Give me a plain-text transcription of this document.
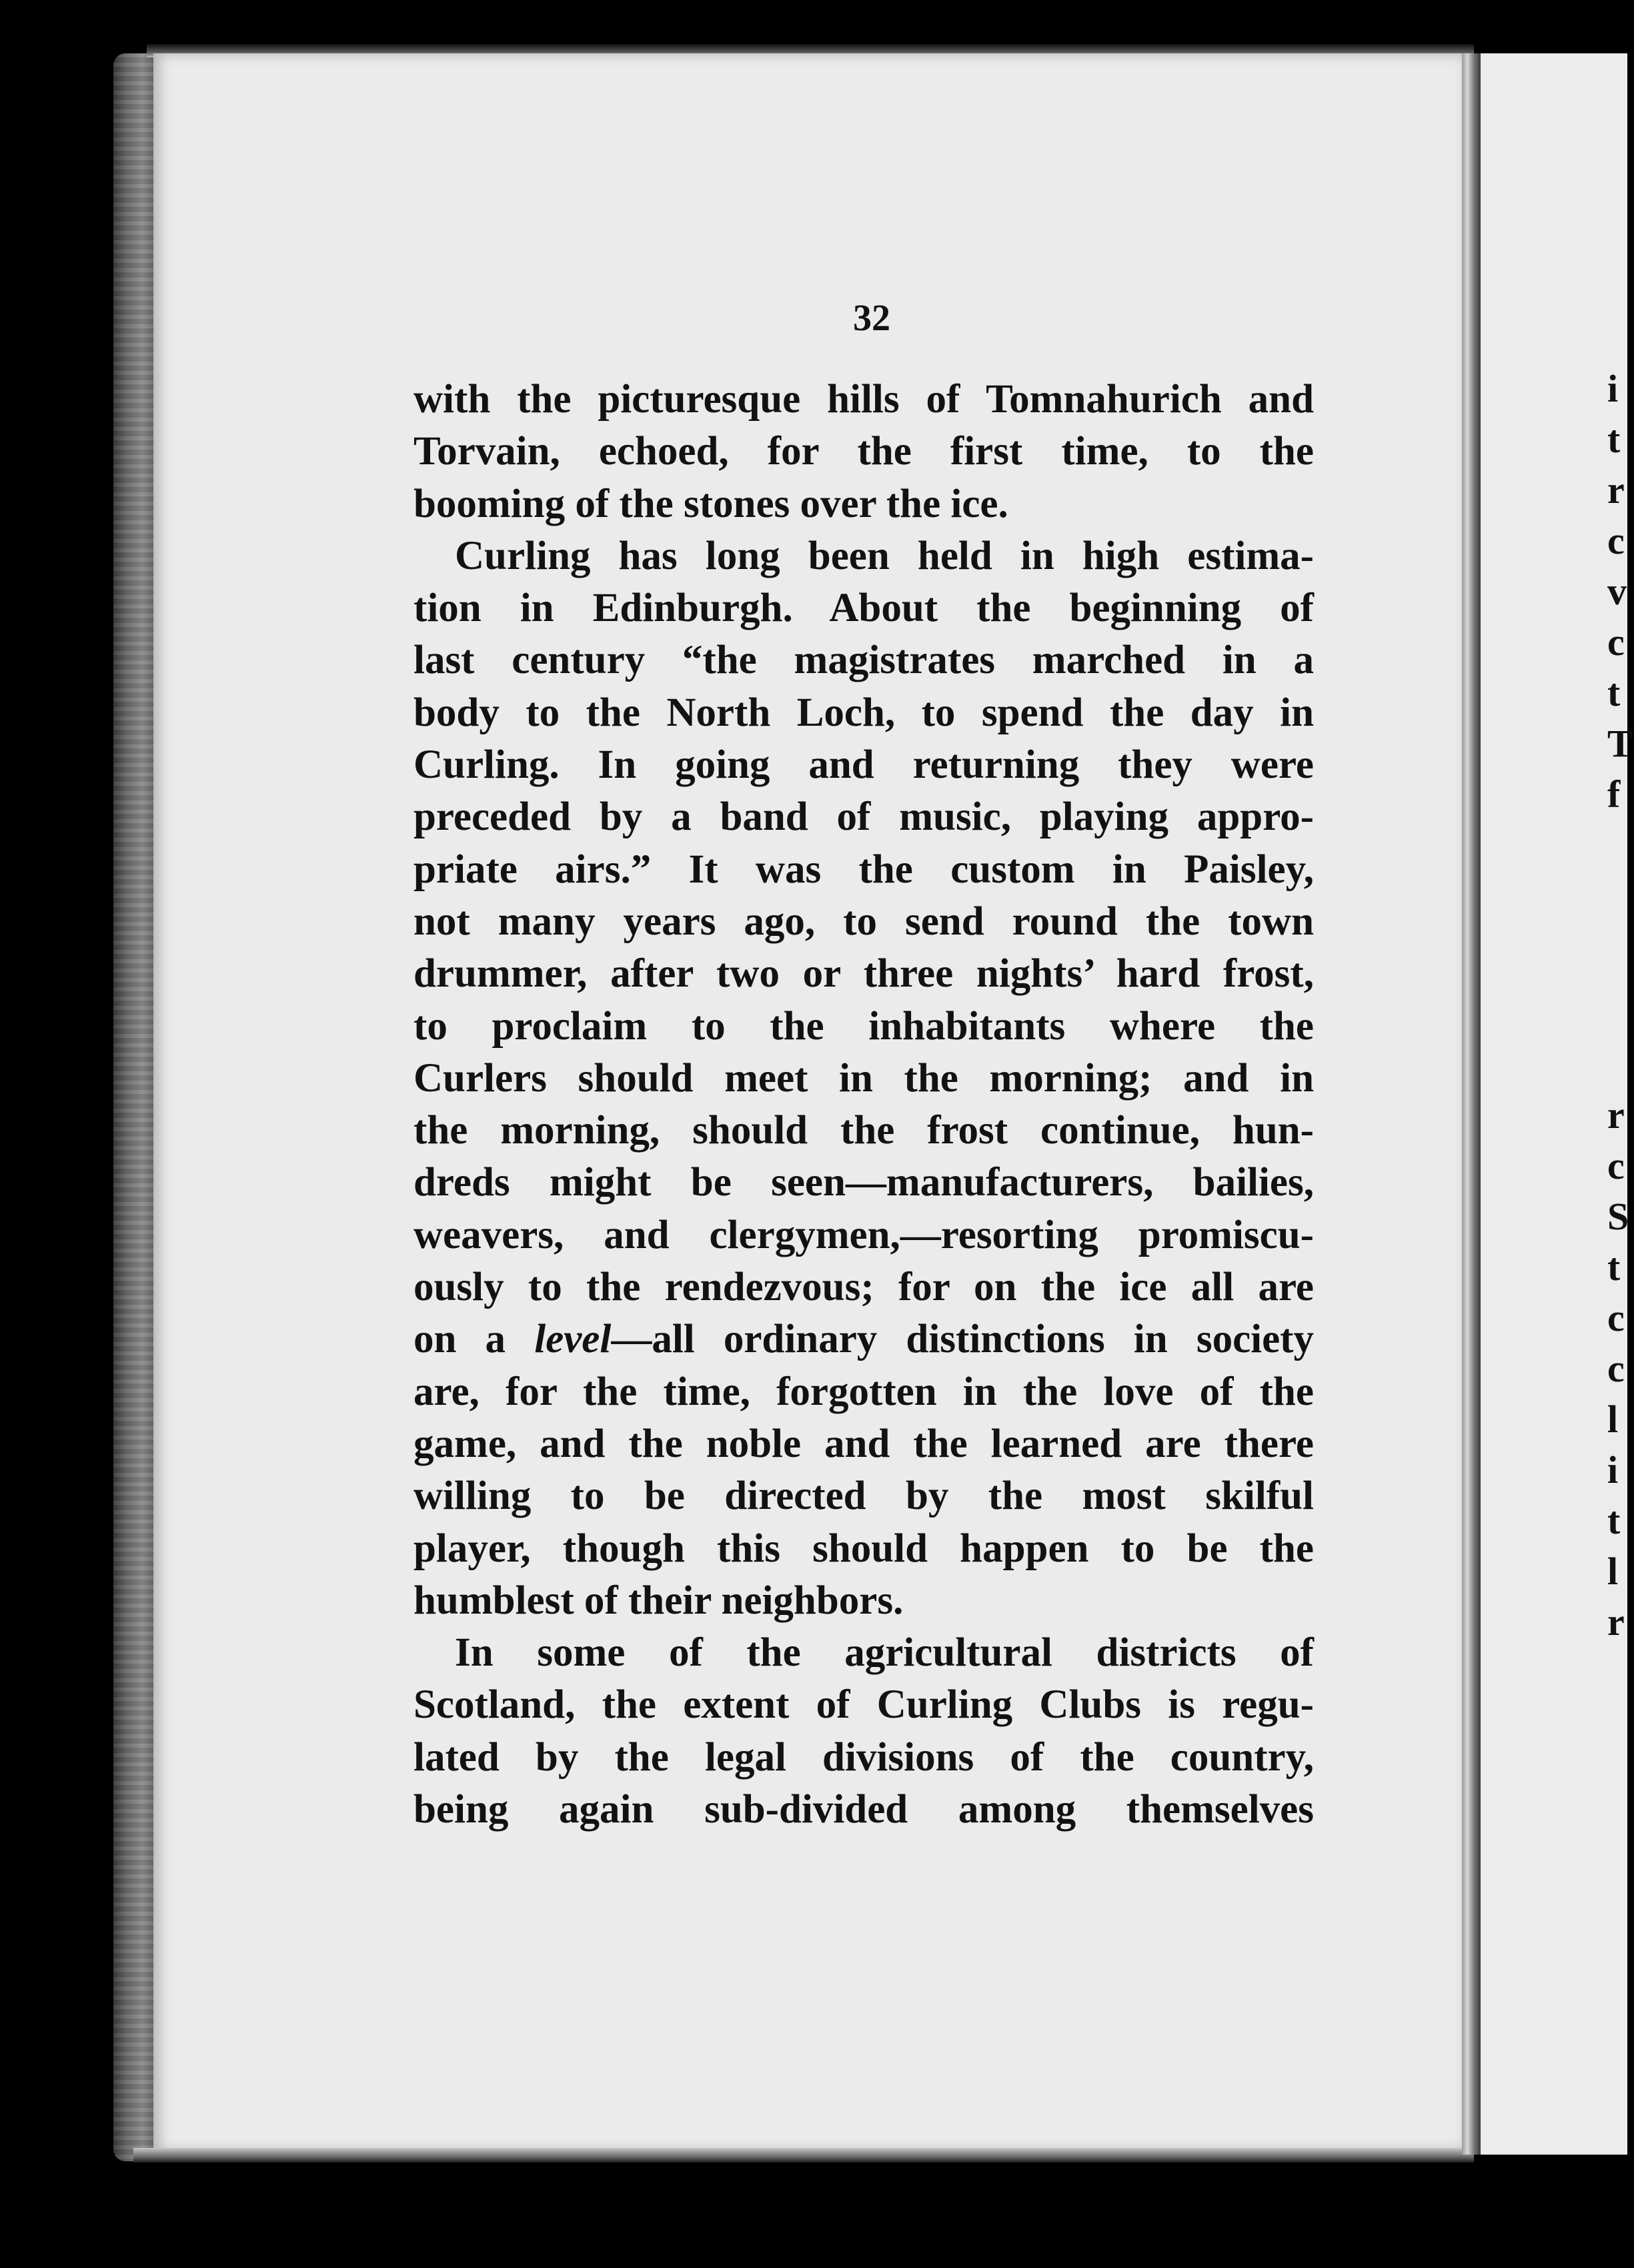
i
t
r
c
v
c
t
T
f
r
c
S
t
c
c
l
i
t
l
r
32
with the picturesque hills of Tomnahurich and
Torvain, echoed, for the first time, to the
booming of the stones over the ice.
Curling has long been held in high estima-
tion in Edinburgh. About the beginning of
last century “the magistrates marched in a
body to the North Loch, to spend the day in
Curling. In going and returning they were
preceded by a band of music, playing appro-
priate airs.” It was the custom in Paisley,
not many years ago, to send round the town
drummer, after two or three nights’ hard frost,
to proclaim to the inhabitants where the
Curlers should meet in the morning; and in
the morning, should the frost continue, hun-
dreds might be seen—manufacturers, bailies,
weavers, and clergymen,—resorting promiscu-
ously to the rendezvous; for on the ice all are
on a level—all ordinary distinctions in society
are, for the time, forgotten in the love of the
game, and the noble and the learned are there
willing to be directed by the most skilful
player, though this should happen to be the
humblest of their neighbors.
In some of the agricultural districts of
Scotland, the extent of Curling Clubs is regu-
lated by the legal divisions of the country,
being again sub-divided among themselves
